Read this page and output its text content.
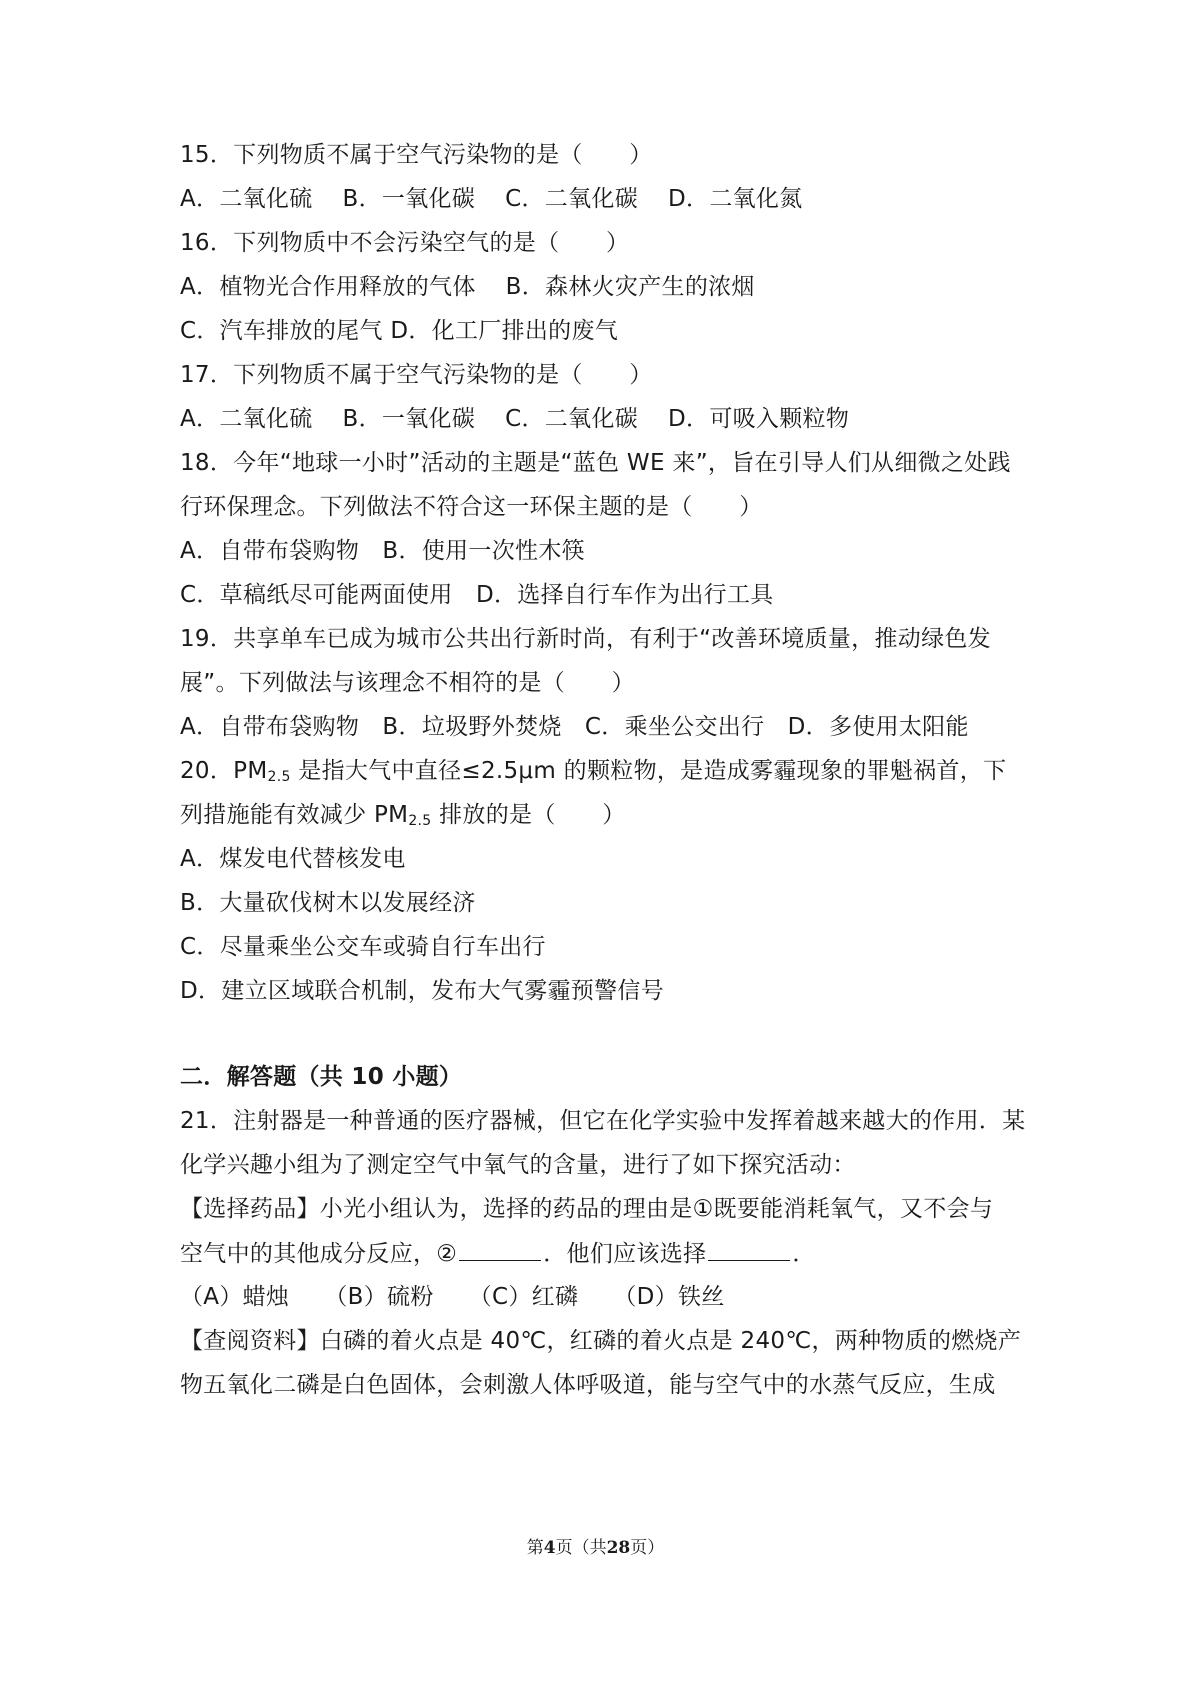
15．下列物质不属于空气污染物的是（　　）
A．二氧化硫 B．一氧化碳 C．二氧化碳 D．二氧化氮
16．下列物质中不会污染空气的是（　　）
A．植物光合作用释放的气体 B．森林火灾产生的浓烟
C．汽车排放的尾气 D．化工厂排出的废气
17．下列物质不属于空气污染物的是（　　）
A．二氧化硫 B．一氧化碳 C．二氧化碳 D．可吸入颗粒物
18．今年“地球一小时”活动的主题是“蓝色 WE 来”，旨在引导人们从细微之处践
行环保理念。下列做法不符合这一环保主题的是（　　）
A．自带布袋购物　B．使用一次性木筷
C．草稿纸尽可能两面使用　D．选择自行车作为出行工具
19．共享单车已成为城市公共出行新时尚，有利于“改善环境质量，推动绿色发
展”。下列做法与该理念不相符的是（　　）
A．自带布袋购物　B．垃圾野外焚烧　C．乘坐公交出行　D．多使用太阳能
20．$PM_{2.5}$ 是指大气中直径≤2.5μm 的颗粒物，是造成雾霾现象的罪魁祸首，下
列措施能有效减少 $PM_{2.5}$ 排放的是（　　）
A．煤发电代替核发电
B．大量砍伐树木以发展经济
C．尽量乘坐公交车或骑自行车出行
D．建立区域联合机制，发布大气雾霾预警信号
二．解答题（共 10 小题）
21．注射器是一种普通的医疗器械，但它在化学实验中发挥着越来越大的作用．某
化学兴趣小组为了测定空气中氧气的含量，进行了如下探究活动：
【选择药品】小光小组认为，选择的药品的理由是①既要能消耗氧气，又不会与
空气中的其他成分反应，②	．他们应该选择	．
（A）蜡烛　　（B）硫粉　　（C）红磷　　（D）铁丝
【查阅资料】白磷的着火点是 40℃，红磷的着火点是 240℃，两种物质的燃烧产
物五氧化二磷是白色固体，会刺激人体呼吸道，能与空气中的水蒸气反应，生成
第4页（共28页）
